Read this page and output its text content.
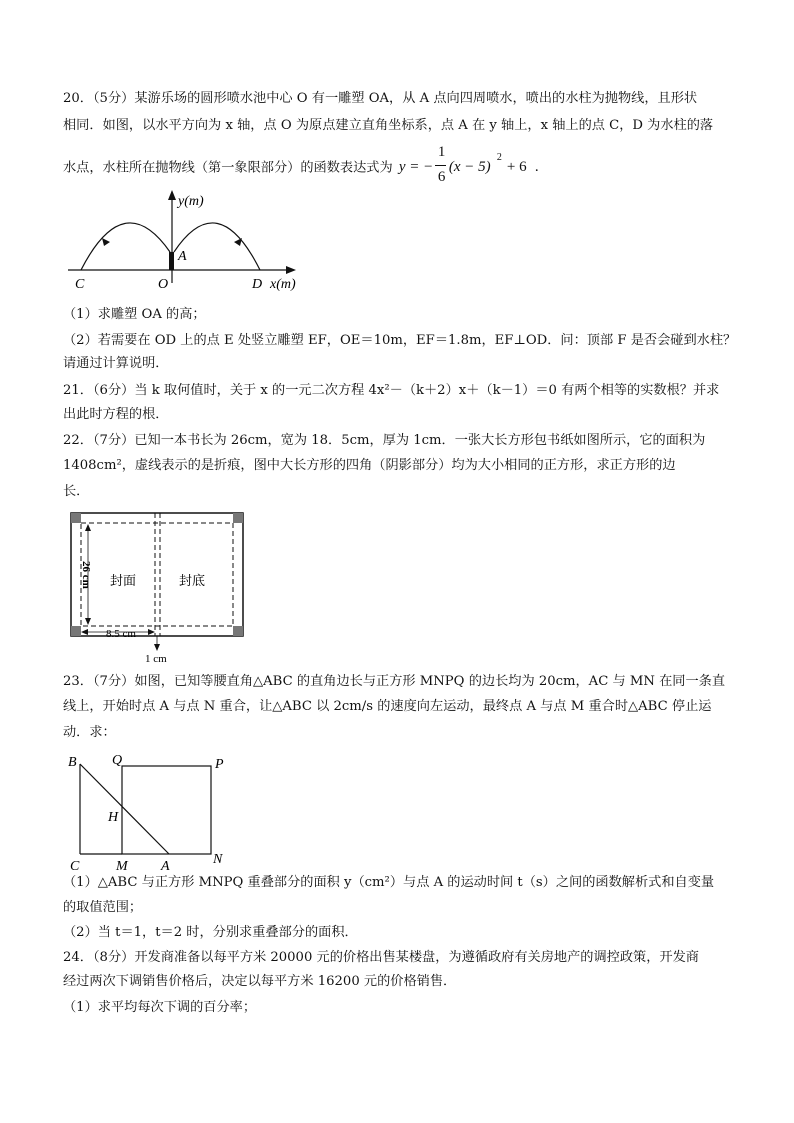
20．（5分）某游乐场的圆形喷水池中心 O 有一雕塑 OA，从 A 点向四周喷水，喷出的水柱为抛物线，且形状
相同．如图，以水平方向为 x 轴，点 O 为原点建立直角坐标系，点 A 在 y 轴上，x 轴上的点 C，D 为水柱的落
水点，水柱所在抛物线（第一象限部分）的函数表达式为 y = −
1
6
(x − 5)
2
+ 6 .
y(m)
A
C	O	D x(m)
（1）求雕塑 OA 的高；
（2）若需要在 OD 上的点 E 处竖立雕塑 EF，OE＝10m，EF＝1.8m，EF⊥OD．问：顶部 F 是否会碰到水柱？
请通过计算说明．
21．（6分）当 k 取何值时，关于 x 的一元二次方程 4x²－（k＋2）x＋（k－1）＝0 有两个相等的实数根？并求
出此时方程的根．
22．（7分）已知一本书长为 26cm，宽为 18．5cm，厚为 1cm．一张大长方形包书纸如图所示，它的面积为
1408cm²，虚线表示的是折痕，图中大长方形的四角（阴影部分）均为大小相同的正方形，求正方形的边
长．
封面	封底
26 cm
8.5 cm
1 cm
23．（7分）如图，已知等腰直角△ABC 的直角边长与正方形 MNPQ 的边长均为 20cm，AC 与 MN 在同一条直
线上，开始时点 A 与点 N 重合，让△ABC 以 2cm/s 的速度向左运动，最终点 A 与点 M 重合时△ABC 停止运
动．求：
B	Q	P
H
C	M A	N
（1）△ABC 与正方形 MNPQ 重叠部分的面积 y（cm²）与点 A 的运动时间 t（s）之间的函数解析式和自变量
的取值范围；
（2）当 t＝1，t＝2 时，分别求重叠部分的面积．
24．（8分）开发商准备以每平方米 20000 元的价格出售某楼盘，为遵循政府有关房地产的调控政策，开发商
经过两次下调销售价格后，决定以每平方米 16200 元的价格销售．
（1）求平均每次下调的百分率；
